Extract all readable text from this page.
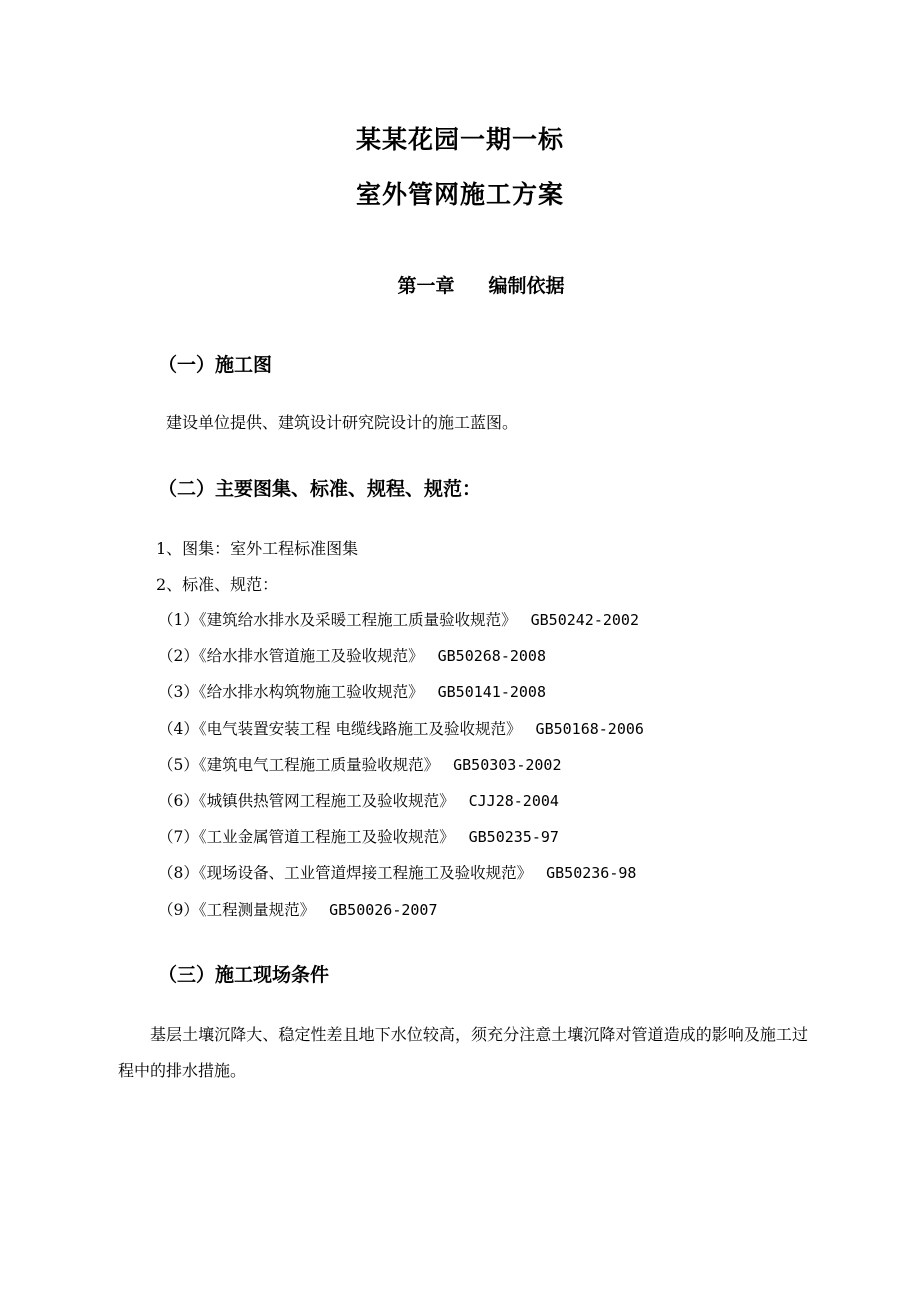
某某花园一期一标
室外管网施工方案
第一章 编制依据
（一）施工图
建设单位提供、建筑设计研究院设计的施工蓝图。
（二）主要图集、标准、规程、规范：
1、图集：室外工程标准图集
2、标准、规范：
（1）《建筑给水排水及采暖工程施工质量验收规范》 GB50242-2002
（2）《给水排水管道施工及验收规范》 GB50268-2008
（3）《给水排水构筑物施工验收规范》 GB50141-2008
（4）《电气装置安装工程 电缆线路施工及验收规范》 GB50168-2006
（5）《建筑电气工程施工质量验收规范》 GB50303-2002
（6）《城镇供热管网工程施工及验收规范》 CJJ28-2004
（7）《工业金属管道工程施工及验收规范》 GB50235-97
（8）《现场设备、工业管道焊接工程施工及验收规范》 GB50236-98
（9）《工程测量规范》 GB50026-2007
（三）施工现场条件
基层土壤沉降大、稳定性差且地下水位较高，须充分注意土壤沉降对管道造成的影响及施工过程中的排水措施。
